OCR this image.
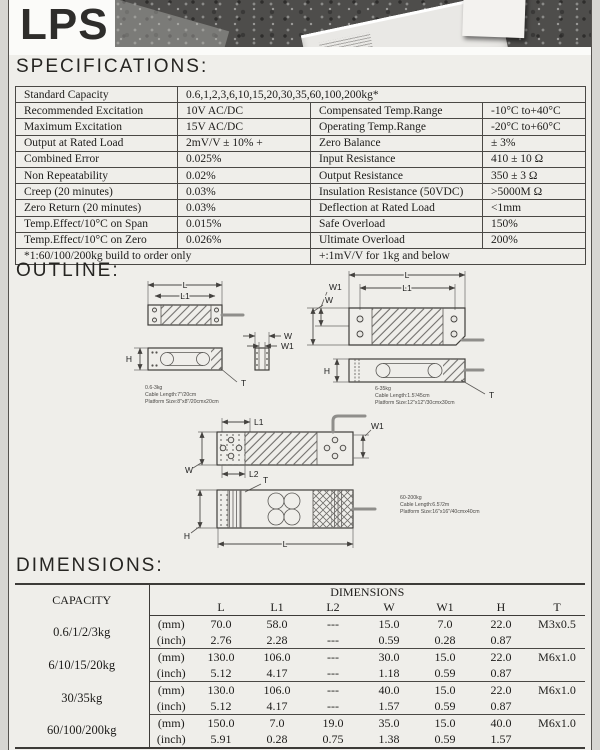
LPS
SPECIFICATIONS:
Standard Capacity	0.6,1,2,3,6,10,15,20,30,35,60,100,200kg*		
Recommended Excitation	10V AC/DC	Compensated Temp.Range	-10°C to+40°C
Maximum Excitation	15V AC/DC	Operating Temp.Range	-20°C to+60°C
Output at Rated Load	2mV/V ± 10% +	Zero Balance	± 3%
Combined Error	0.025%	Input Resistance	410 ± 10 Ω
Non Repeatability	0.02%	Output Resistance	350 ± 3 Ω
Creep (20 minutes)	0.03%	Insulation Resistance (50VDC)	>5000M Ω
Zero Return (20 minutes)	0.03%	Deflection at Rated Load	<1mm
Temp.Effect/10°C on Span	0.015%	Safe Overload	150%
Temp.Effect/10°C on Zero	0.026%	Ultimate Overload	200%
*1:60/100/200kg build to order only		+:1mV/V for 1kg and below	
OUTLINE:
L
L1
H
W
W1
T
0.6-3kg
Cable Length:7"/20cm
Platform Size:8"x8"/20cmx20cm
L
L1
W1
W
H
T
6-35kg
Cable Length:1.5'/45cm
Platform Size:12"x12"/30cmx30cm
L1	W1
W	L2
T
H
L
60-200kg
Cable Length:6.5'/2m
Platform Size:16"x16"/40cmx40cm
DIMENSIONS:
CAPACITY	DIMENSIONS							
		L	L1	L2	W	W1	H	T
0.6/1/2/3kg	(mm)	70.0	58.0	---	15.0	7.0	22.0	M3x0.5
	(inch)	2.76	2.28	---	0.59	0.28	0.87	
6/10/15/20kg	(mm)	130.0	106.0	---	30.0	15.0	22.0	M6x1.0
	(inch)	5.12	4.17	---	1.18	0.59	0.87	
30/35kg	(mm)	130.0	106.0	---	40.0	15.0	22.0	M6x1.0
	(inch)	5.12	4.17	---	1.57	0.59	0.87	
60/100/200kg	(mm)	150.0	7.0	19.0	35.0	15.0	40.0	M6x1.0
	(inch)	5.91	0.28	0.75	1.38	0.59	1.57	
